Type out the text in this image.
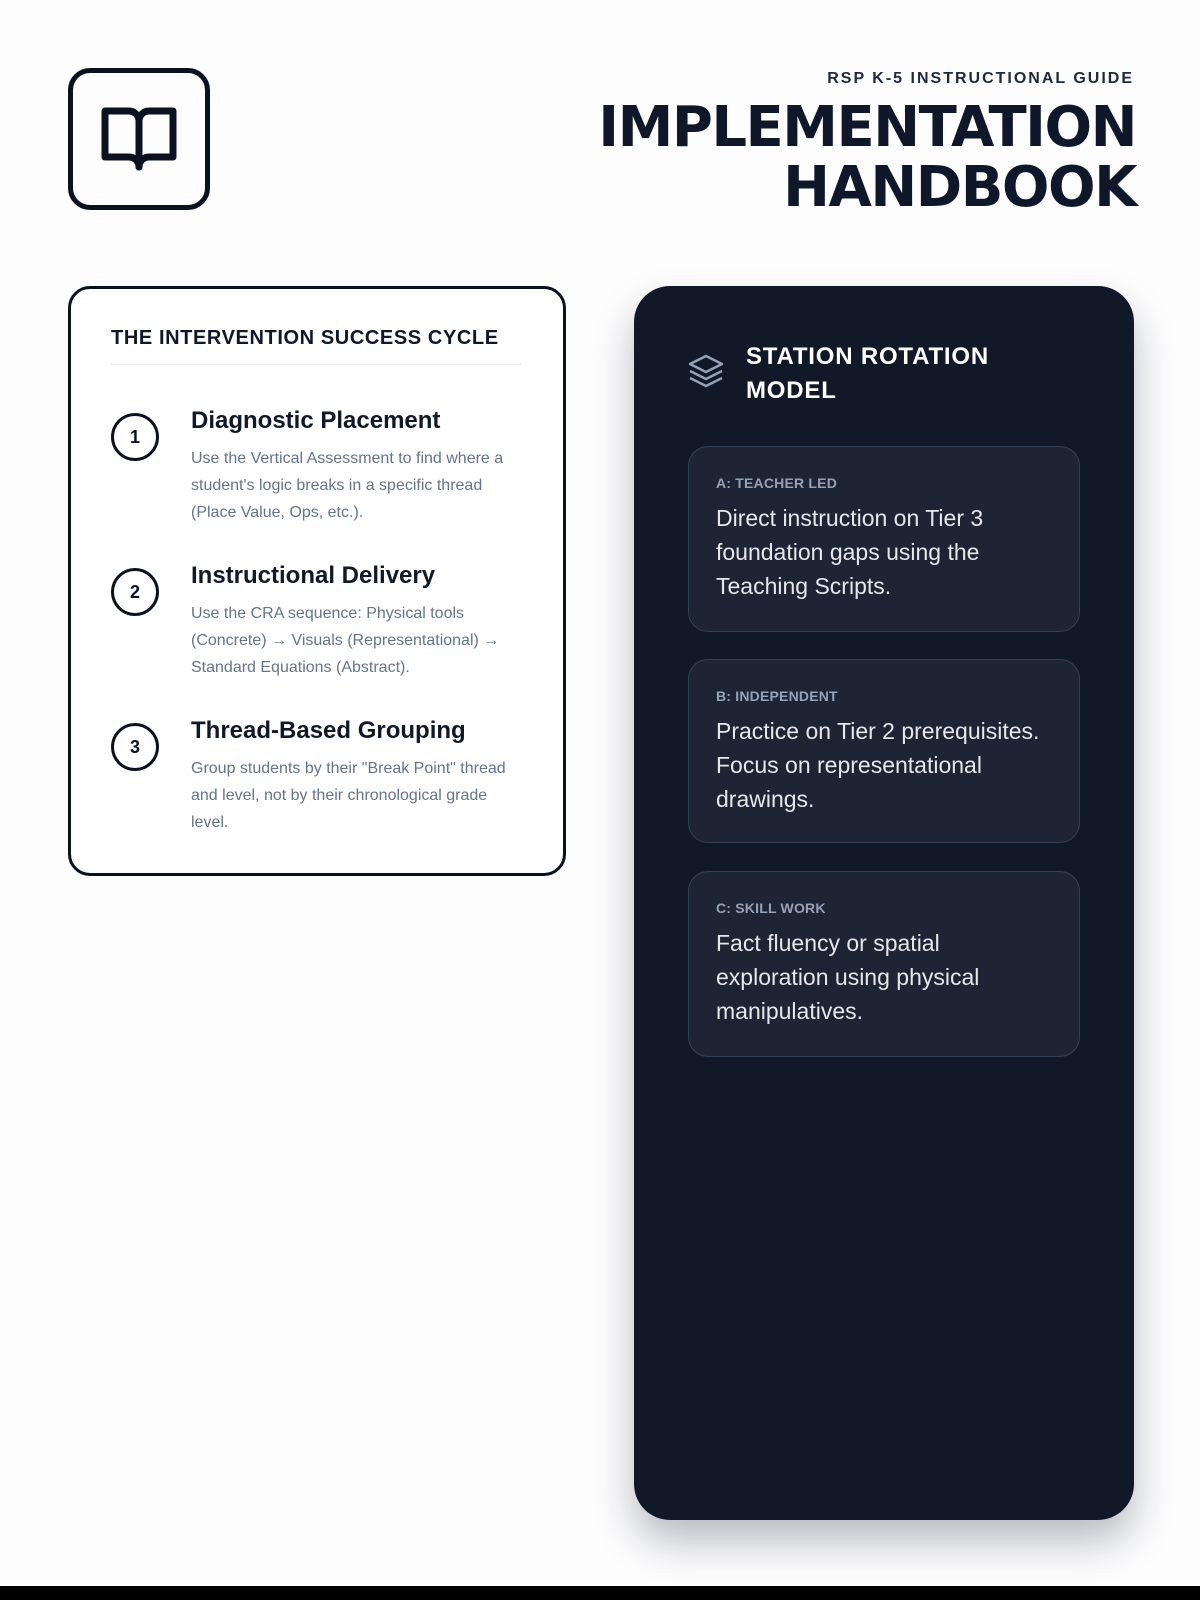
RSP K-5 INSTRUCTIONAL GUIDE
IMPLEMENTATION
HANDBOOK
THE INTERVENTION SUCCESS CYCLE
1
Diagnostic Placement
Use the Vertical Assessment to find where a student's logic breaks in a specific thread (Place Value, Ops, etc.).
2
Instructional Delivery
Use the CRA sequence: Physical tools (Concrete) → Visuals (Representational) → Standard Equations (Abstract).
3
Thread-Based Grouping
Group students by their "Break Point" thread and level, not by their chronological grade level.
STATION ROTATION MODEL
A: TEACHER LED
Direct instruction on Tier 3 foundation gaps using the Teaching Scripts.
B: INDEPENDENT
Practice on Tier 2 prerequisites. Focus on representational drawings.
C: SKILL WORK
Fact fluency or spatial exploration using physical manipulatives.
